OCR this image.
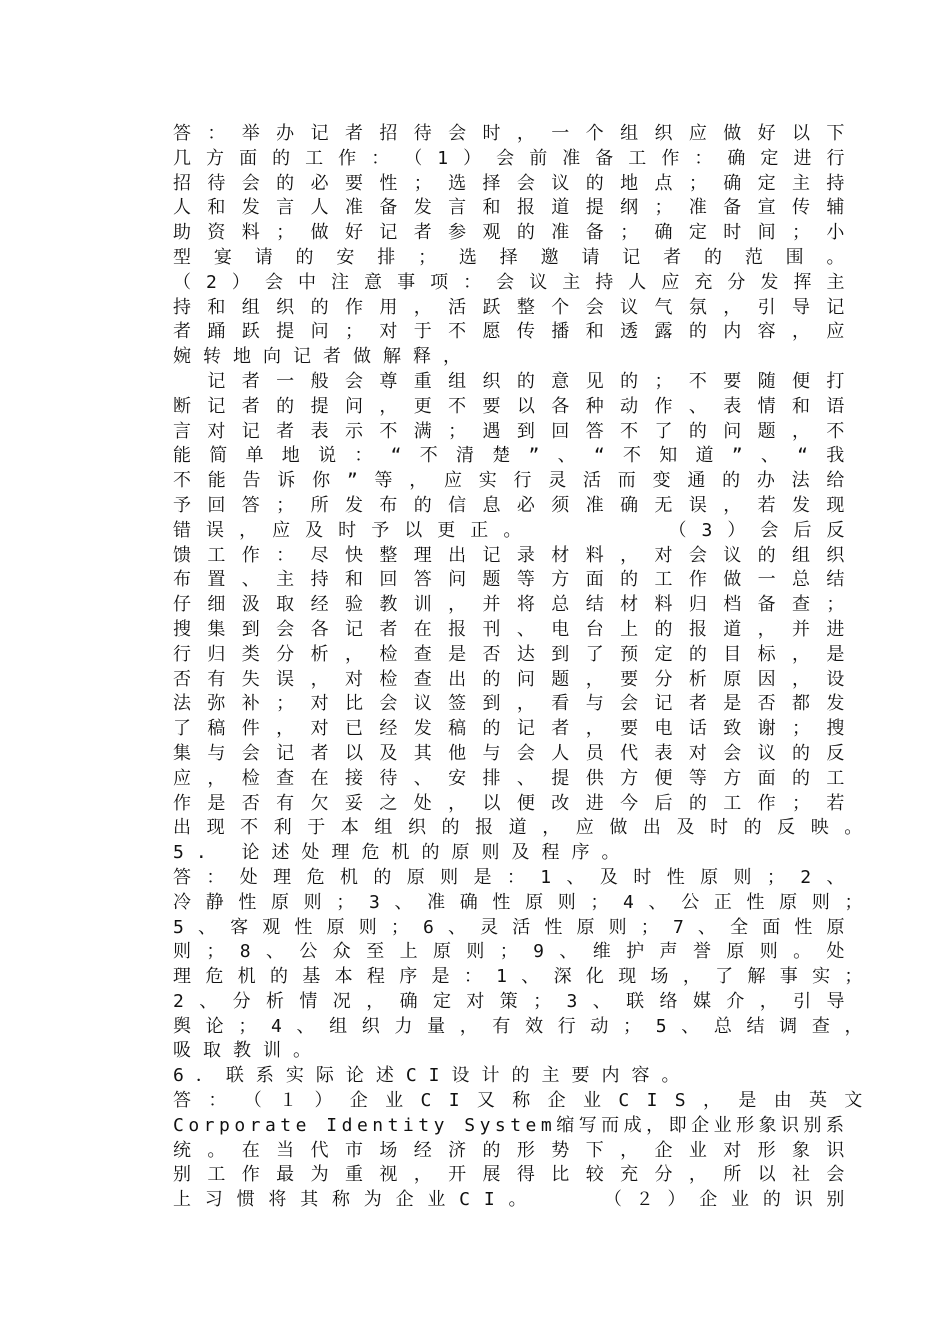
答 ： 举 办 记 者 招 待 会 时 ， 一 个 组 织 应 做 好 以 下
几 方 面 的 工 作 ： （ 1 ） 会 前 准 备 工 作 ： 确 定 进 行
招 待 会 的 必 要 性 ； 选 择 会 议 的 地 点 ； 确 定 主 持
人 和 发 言 人 准 备 发 言 和 报 道 提 纲 ； 准 备 宣 传 辅
助 资 料 ； 做 好 记 者 参 观 的 准 备 ； 确 定 时 间 ； 小
型 宴 请 的 安 排 ； 选 择 邀 请 记 者 的 范 围 。
（ 2 ） 会 中 注 意 事 项 ： 会 议 主 持 人 应 充 分 发 挥 主
持 和 组 织 的 作 用 ， 活 跃 整 个 会 议 气 氛 ， 引 导 记
者 踊 跃 提 问 ； 对 于 不 愿 传 播 和 透 露 的 内 容 ， 应
婉转地向记者做解释，

记 者 一 般 会 尊 重 组 织 的 意 见 的 ； 不 要 随 便 打
断 记 者 的 提 问 ， 更 不 要 以 各 种 动 作 、 表 情 和 语
言 对 记 者 表 示 不 满 ； 遇 到 回 答 不 了 的 问 题 ， 不
能 简 单 地 说 ： “ 不 清 楚 ” 、 “ 不 知 道 ” 、 “ 我
不 能 告 诉 你 ” 等 ， 应 实 行 灵 活 而 变 通 的 办 法 给
予 回 答 ； 所 发 布 的 信 息 必 须 准 确 无 误 ， 若 发 现
错 误 ， 应 及 时 予 以 更 正 。

　	（ 3 ） 会 后 反
馈 工 作 ： 尽 快 整 理 出 记 录 材 料 ， 对 会 议 的 组 织
布 置 、 主 持 和 回 答 问 题 等 方 面 的 工 作 做 一 总 结
仔 细 汲 取 经 验 教 训 ， 并 将 总 结 材 料 归 档 备 查 ；
搜 集 到 会 各 记 者 在 报 刊 、 电 台 上 的 报 道 ， 并 进
行 归 类 分 析 ， 检 查 是 否 达 到 了 预 定 的 目 标 ， 是
否 有 失 误 ， 对 检 查 出 的 问 题 ， 要 分 析 原 因 ， 设
法 弥 补 ； 对 比 会 议 签 到 ， 看 与 会 记 者 是 否 都 发
了 稿 件 ， 对 已 经 发 稿 的 记 者 ， 要 电 话 致 谢 ； 搜
集 与 会 记 者 以 及 其 他 与 会 人 员 代 表 对 会 议 的 反
应 ， 检 查 在 接 待 、 安 排 、 提 供 方 便 等 方 面 的 工
作 是 否 有 欠 妥 之 处 ， 以 便 改 进 今 后 的 工 作 ； 若
出 现 不 利 于 本 组 织 的 报 道 ， 应 做 出 及 时 的 反 映 。
5. 论述处理危机的原则及程序。
答 ： 处 理 危 机 的 原 则 是 ： 1 、 及 时 性 原 则 ； 2 、
冷 静 性 原 则 ； 3 、 准 确 性 原 则 ； 4 、 公 正 性 原 则 ；
5 、 客 观 性 原 则 ； 6 、 灵 活 性 原 则 ； 7 、 全 面 性 原
则 ； 8 、 公 众 至 上 原 则 ； 9 、 维 护 声 誉 原 则 。 处
理 危 机 的 基 本 程 序 是 ： 1 、 深 化 现 场 ， 了 解 事 实 ；
2 、 分 析 情 况 ， 确 定 对 策 ； 3 、 联 络 媒 介 ， 引 导
舆 论 ； 4 、 组 织 力 量 ， 有 效 行 动 ； 5 、 总 结 调 查 ，
吸取教训。
6．联系实际论述CI设计的主要内容。
答 ： （ １ ） 企 业 C I 又 称 企 业 C I S ， 是 由 英 文
C o r p o r a t e
I d e n t i t y
S y s t e m 缩 写 而 成 ， 即 企 业 形 象 识 别 系
统 。 在 当 代 市 场 经 济 的 形 势 下 ， 企 业 对 形 象 识
别 工 作 最 为 重 视 ， 开 展 得 比 较 充 分 ， 所 以 社 会
上 习 惯 将 其 称 为 企 业 C I 。

　	（ ２ ） 企 业 的 识 别
